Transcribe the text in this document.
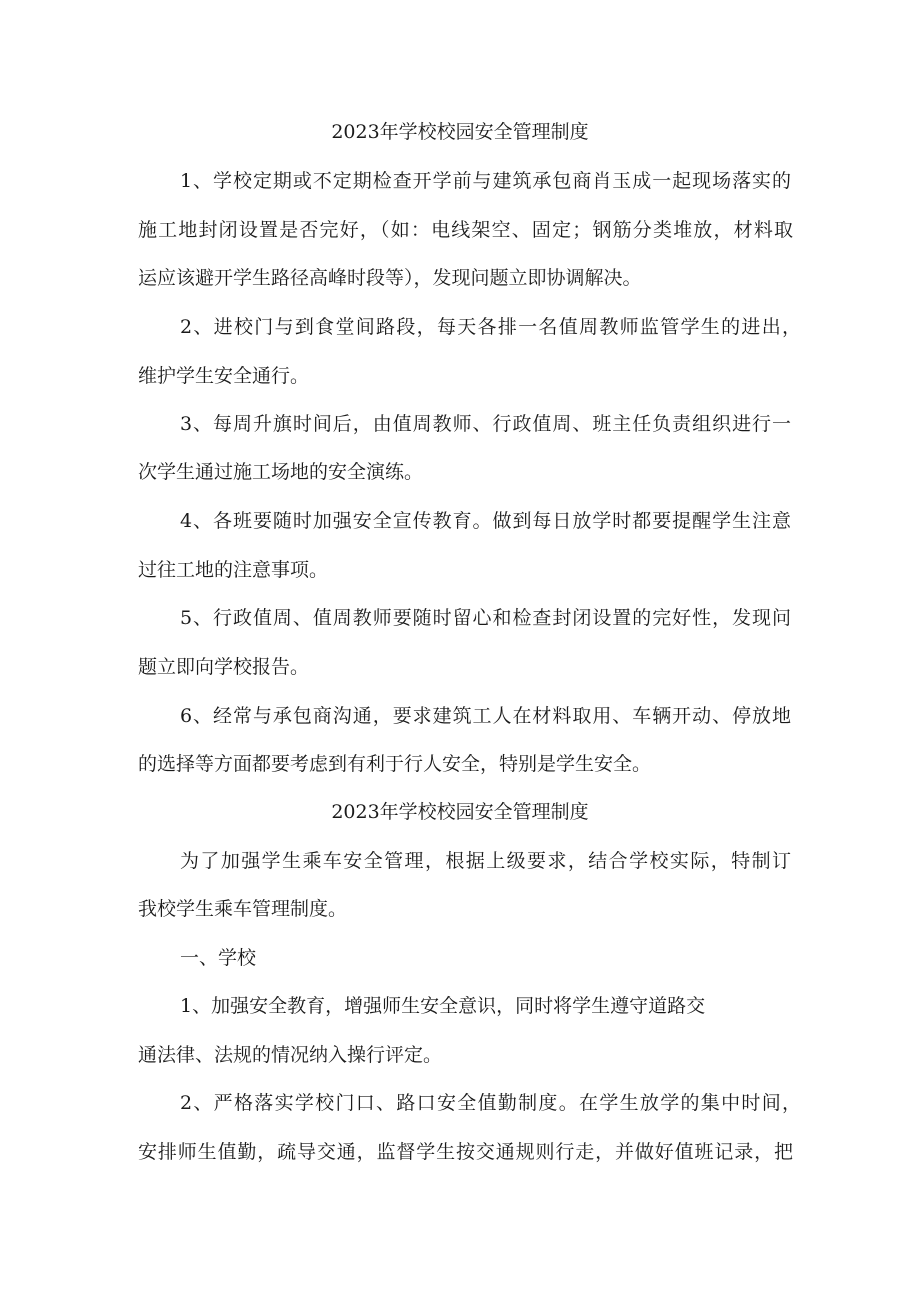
2023年学校校园安全管理制度
1、学校定期或不定期检查开学前与建筑承包商肖玉成一起现场落实的
施工地封闭设置是否完好，（如：电线架空、固定；钢筋分类堆放，材料取
运应该避开学生路径高峰时段等），发现问题立即协调解决。
2、进校门与到食堂间路段，每天各排一名值周教师监管学生的进出，
维护学生安全通行。
3、每周升旗时间后，由值周教师、行政值周、班主任负责组织进行一
次学生通过施工场地的安全演练。
4、各班要随时加强安全宣传教育。做到每日放学时都要提醒学生注意
过往工地的注意事项。
5、行政值周、值周教师要随时留心和检查封闭设置的完好性，发现问
题立即向学校报告。
6、经常与承包商沟通，要求建筑工人在材料取用、车辆开动、停放地
的选择等方面都要考虑到有利于行人安全，特别是学生安全。
2023年学校校园安全管理制度
为了加强学生乘车安全管理，根据上级要求，结合学校实际，特制订
我校学生乘车管理制度。
一、学校
1、加强安全教育，增强师生安全意识，同时将学生遵守道路交
通法律、法规的情况纳入操行评定。
2、严格落实学校门口、路口安全值勤制度。在学生放学的集中时间，
安排师生值勤，疏导交通，监督学生按交通规则行走，并做好值班记录，把
